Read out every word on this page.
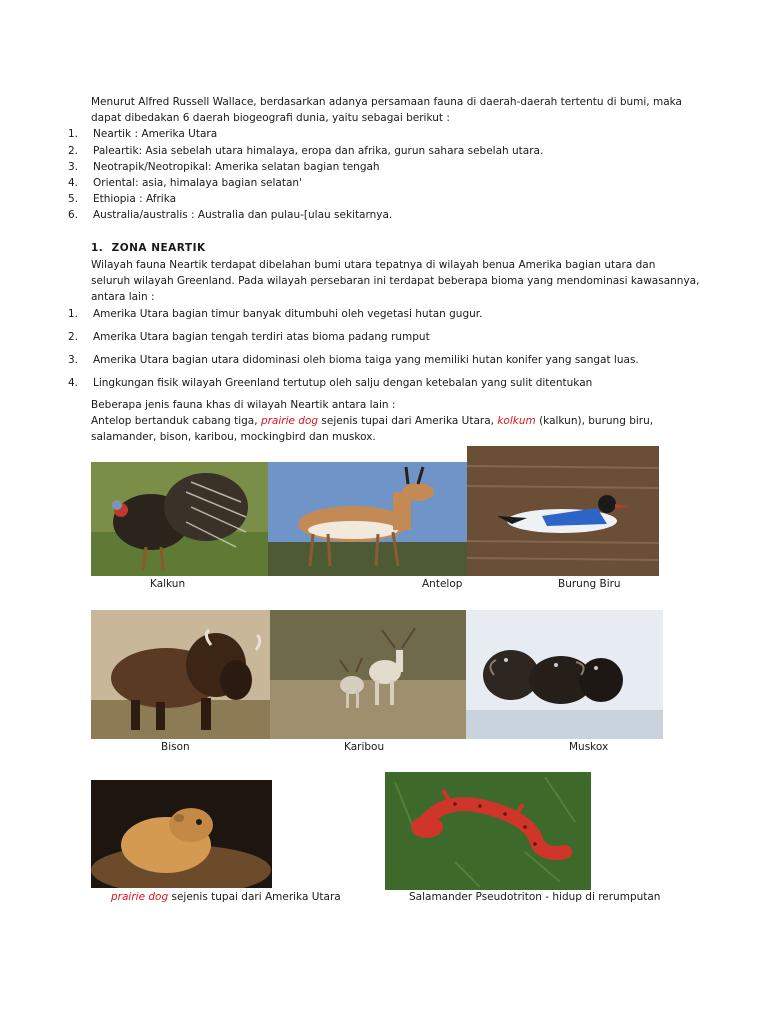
Menurut Alfred Russell Wallace, berdasarkan adanya persamaan fauna di daerah-daerah tertentu di bumi, maka
dapat dibedakan 6 daerah biogeografi dunia, yaitu sebagai berikut :
1.	Neartik : Amerika Utara
2.	Paleartik: Asia sebelah utara himalaya, eropa dan afrika, gurun sahara sebelah utara.
3.	Neotrapik/Neotropikal: Amerika selatan bagian tengah
4.	Oriental: asia, himalaya bagian selatan'
5.	Ethiopia : Afrika
6.	Australia/australis : Australia dan pulau-[ulau sekitarnya.
1. ZONA NEARTIK
Wilayah fauna Neartik terdapat dibelahan bumi utara tepatnya di wilayah benua Amerika bagian utara dan
seluruh wilayah Greenland. Pada wilayah persebaran ini terdapat beberapa bioma yang mendominasi kawasannya,
antara lain :
1.	Amerika Utara bagian timur banyak ditumbuhi oleh vegetasi hutan gugur.
2.	Amerika Utara bagian tengah terdiri atas bioma padang rumput
3.	Amerika Utara bagian utara didominasi oleh bioma taiga yang memiliki hutan konifer yang sangat luas.
4.	Lingkungan fisik wilayah Greenland tertutup oleh salju dengan ketebalan yang sulit ditentukan
Beberapa jenis fauna khas di wilayah Neartik antara lain :
Antelop bertanduk cabang tiga, prairie dog sejenis tupai dari Amerika Utara, kolkum (kalkun), burung biru,
salamander, bison, karibou, mockingbird dan muskox.
Kalkun	Antelop	Burung Biru
Bison	Karibou	Muskox
prairie dog sejenis tupai dari Amerika Utara	Salamander Pseudotriton - hidup di rerumputan
